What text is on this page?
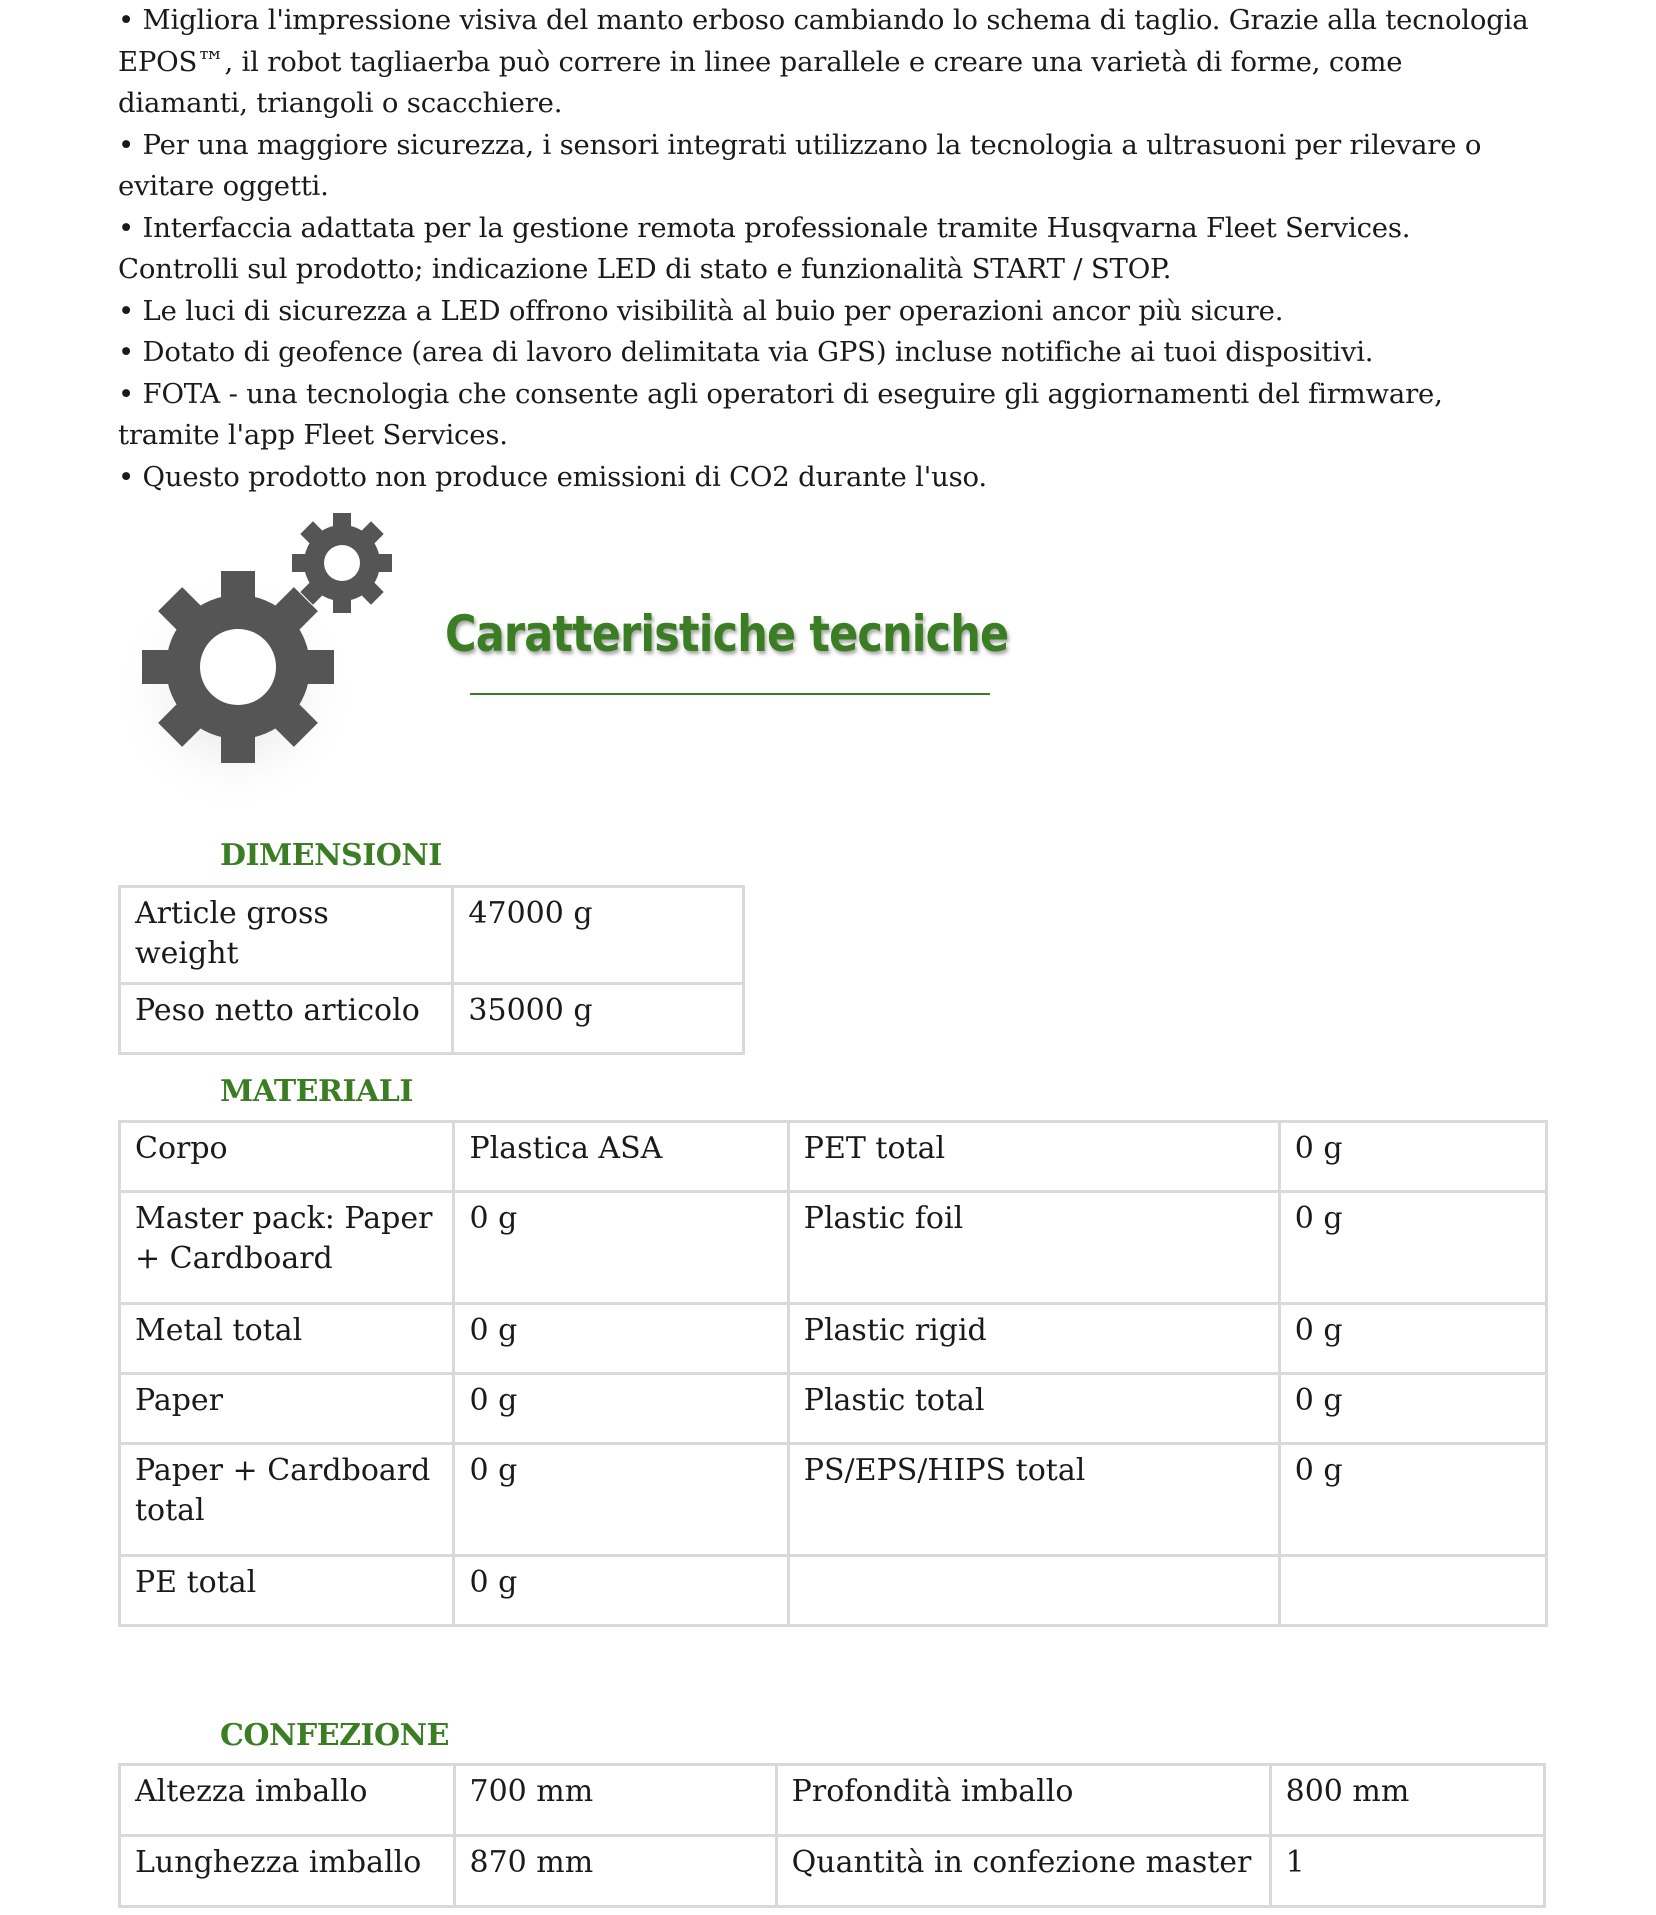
• Migliora l'impressione visiva del manto erboso cambiando lo schema di taglio. Grazie alla tecnologia EPOS™, il robot tagliaerba può correre in linee parallele e creare una varietà di forme, come diamanti, triangoli o scacchiere.
• Per una maggiore sicurezza, i sensori integrati utilizzano la tecnologia a ultrasuoni per rilevare o evitare oggetti.
• Interfaccia adattata per la gestione remota professionale tramite Husqvarna Fleet Services. Controlli sul prodotto; indicazione LED di stato e funzionalità START / STOP.
• Le luci di sicurezza a LED offrono visibilità al buio per operazioni ancor più sicure.
• Dotato di geofence (area di lavoro delimitata via GPS) incluse notifiche ai tuoi dispositivi.
• FOTA - una tecnologia che consente agli operatori di eseguire gli aggiornamenti del firmware, tramite l'app Fleet Services.
• Questo prodotto non produce emissioni di CO2 durante l'uso.
Caratteristiche tecniche
DIMENSIONI
Article gross weight	47000 g
Peso netto articolo	35000 g
MATERIALI
Corpo	Plastica ASA	PET total	0 g
Master pack: Paper + Cardboard	0 g	Plastic foil	0 g
Metal total	0 g	Plastic rigid	0 g
Paper	0 g	Plastic total	0 g
Paper + Cardboard total	0 g	PS/EPS/HIPS total	0 g
PE total	0 g		
CONFEZIONE
Altezza imballo	700 mm	Profondità imballo	800 mm
Lunghezza imballo	870 mm	Quantità in confezione master	1
